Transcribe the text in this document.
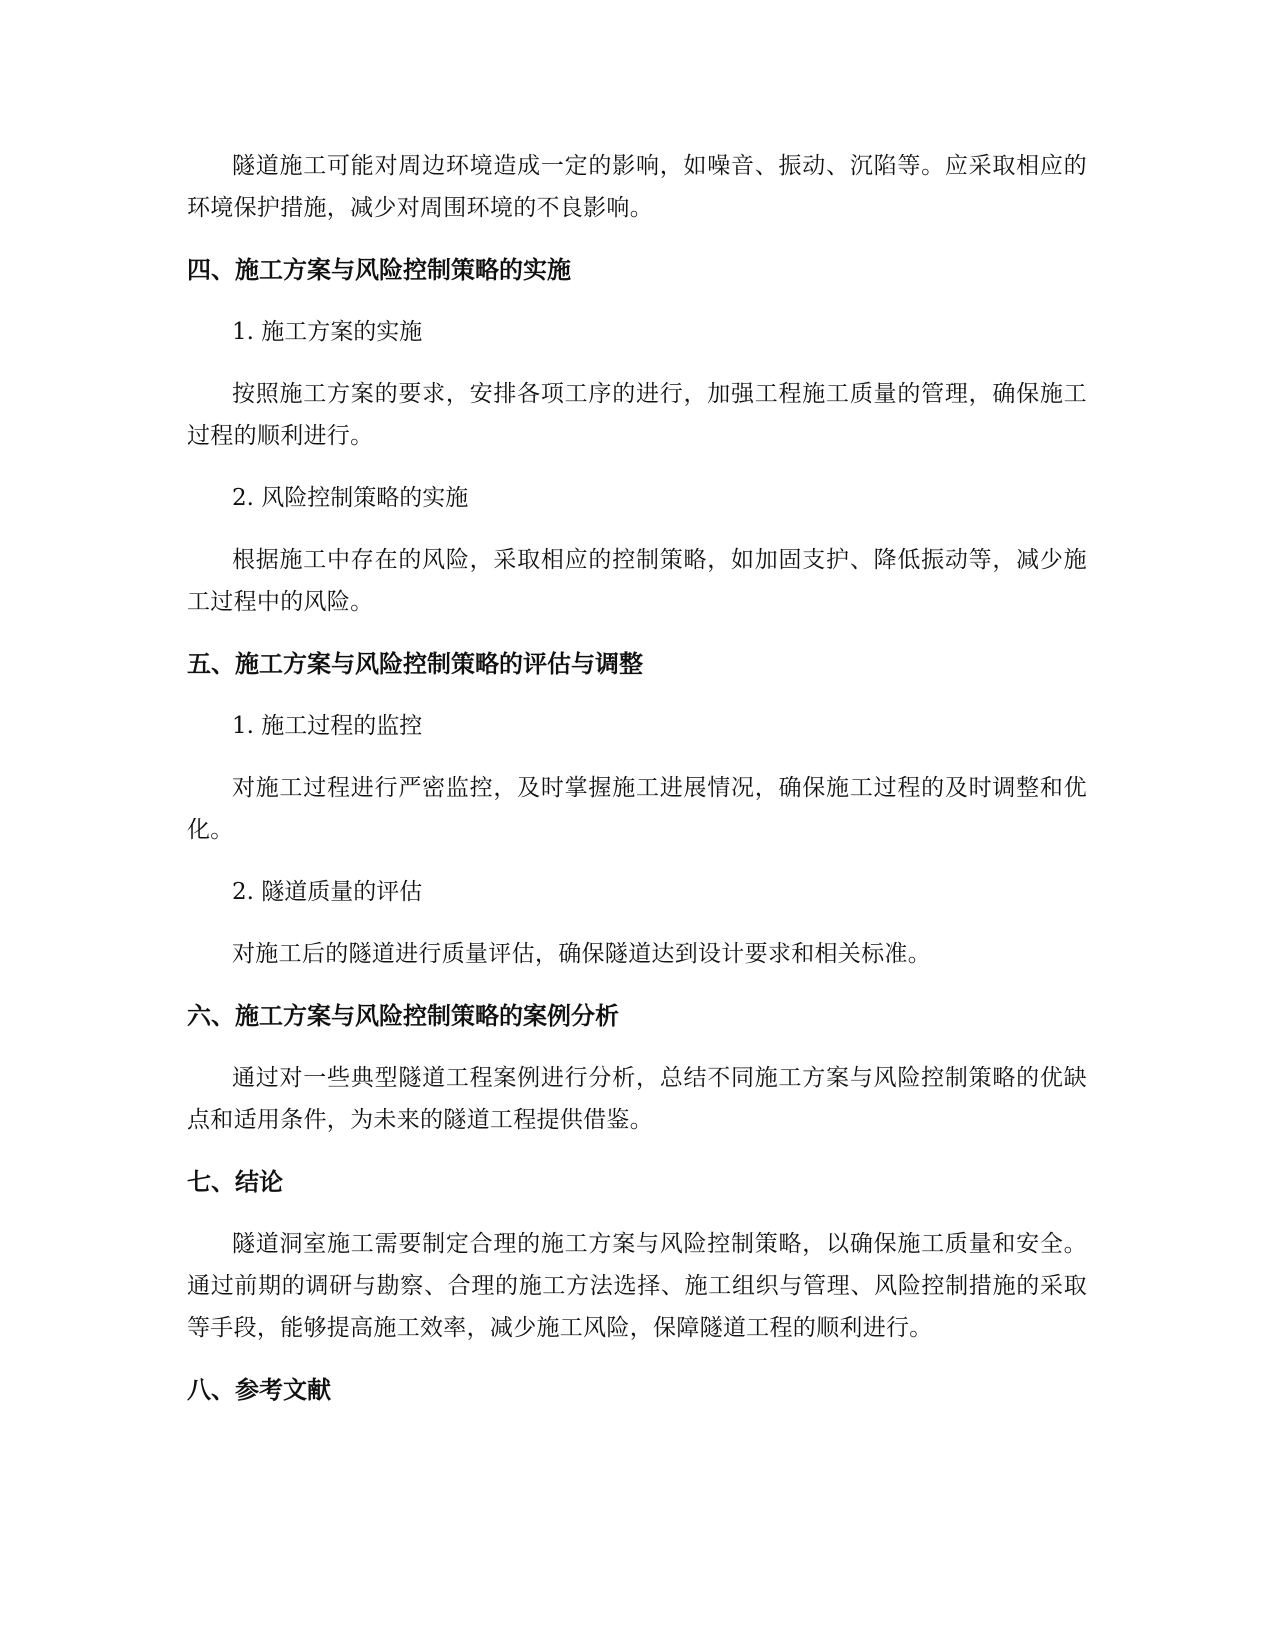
隧道施工可能对周边环境造成一定的影响，如噪音、振动、沉陷等。应采取相应的环境保护措施，减少对周围环境的不良影响。

四、施工方案与风险控制策略的实施

1. 施工方案的实施

按照施工方案的要求，安排各项工序的进行，加强工程施工质量的管理，确保施工过程的顺利进行。

2. 风险控制策略的实施

根据施工中存在的风险，采取相应的控制策略，如加固支护、降低振动等，减少施工过程中的风险。

五、施工方案与风险控制策略的评估与调整

1. 施工过程的监控

对施工过程进行严密监控，及时掌握施工进展情况，确保施工过程的及时调整和优化。

2. 隧道质量的评估

对施工后的隧道进行质量评估，确保隧道达到设计要求和相关标准。

六、施工方案与风险控制策略的案例分析

通过对一些典型隧道工程案例进行分析，总结不同施工方案与风险控制策略的优缺点和适用条件，为未来的隧道工程提供借鉴。

七、结论

隧道洞室施工需要制定合理的施工方案与风险控制策略，以确保施工质量和安全。通过前期的调研与勘察、合理的施工方法选择、施工组织与管理、风险控制措施的采取等手段，能够提高施工效率，减少施工风险，保障隧道工程的顺利进行。

八、参考文献
